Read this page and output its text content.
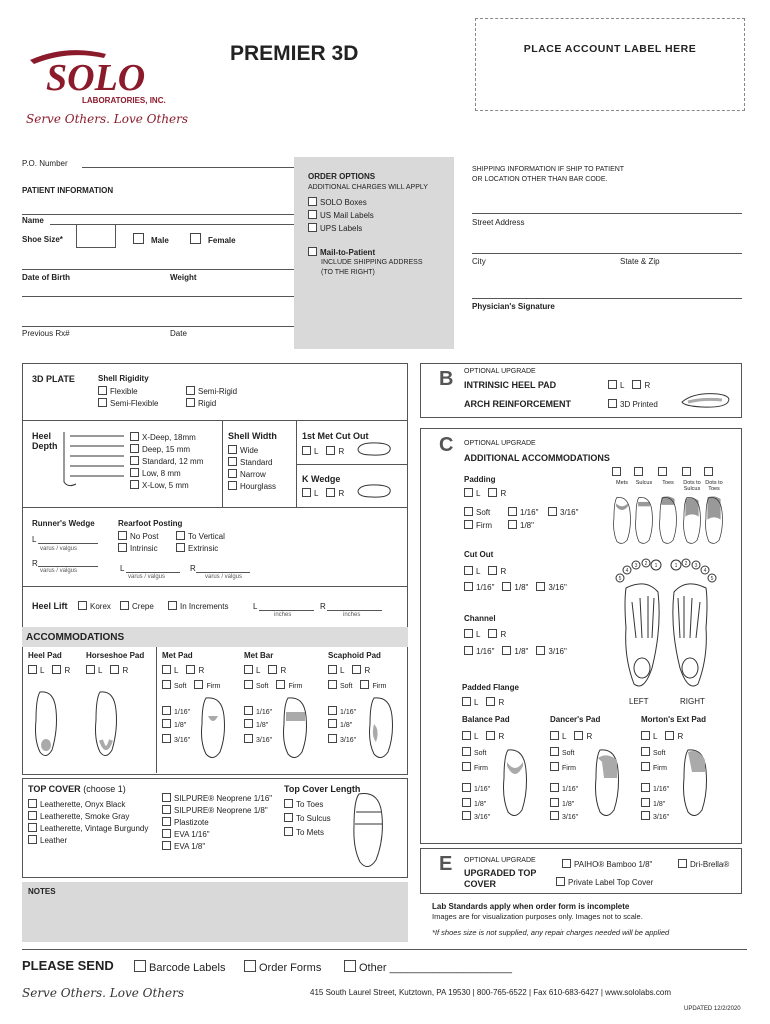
SOLO
LABORATORIES, INC.
Serve Others. Love Others
PREMIER 3D	PLACE ACCOUNT LABEL HERE
P.O. Number
PATIENT INFORMATION
Name
Shoe Size*	Male	Female
Date of Birth	Weight
Previous Rx#	Date
ORDER OPTIONS
ADDITIONAL CHARGES WILL APPLY
SOLO Boxes
US Mail Labels
UPS Labels
Mail-to-Patient
INCLUDE SHIPPING ADDRESS
(TO THE RIGHT)
SHIPPING INFORMATION IF SHIP TO PATIENT
OR LOCATION OTHER THAN BAR CODE.
Street Address
City	State & Zip
Physician's Signature
3D PLATE	Shell Rigidity
Flexible
Semi-Flexible
Semi-Rigid
Rigid
Heel
Depth
X-Deep, 18mm
Deep, 15 mm
Standard, 12 mm
Low, 8 mm
X-Low, 5 mm
Shell Width
Wide
Standard
Narrow
Hourglass
1st Met Cut Out
L	R
K Wedge
L	R
Runner's Wedge
L
varus / valgus
R
varus / valgus
Rearfoot Posting
No Post
Intrinsic
To Vertical
Extrinsic
L
varus / valgus
R
varus / valgus
Heel Lift	Korex	Crepe	In Increments	L
inches
R
inches
ACCOMMODATIONS
Heel Pad
L	R
Horseshoe Pad
L	R
Met Pad
L	R
Soft	Firm
1/16"
1/8"
3/16"
Met Bar
L	R
Soft	Firm
1/16"
1/8"
3/16"
Scaphoid Pad
L	R
Soft	Firm
1/16"
1/8"
3/16"
TOP COVER (choose 1)
Leatherette, Onyx Black
Leatherette, Smoke Gray
Leatherette, Vintage Burgundy
Leather
SILPURE® Neoprene 1/16"
SILPURE® Neoprene 1/8"
Plastizote
EVA 1/16"
EVA 1/8"
Top Cover Length
To Toes
To Sulcus
To Mets
NOTES
B OPTIONAL UPGRADE
INTRINSIC HEEL PAD	L	R
ARCH REINFORCEMENT	3D Printed
C OPTIONAL UPGRADE
ADDITIONAL ACCOMMODATIONS
Padding
L	R
Soft
Firm
1/16"
1/8"
3/16"
Mets	Sulcus	Toes	Dots to Sulcus
Dots to Toes
Cut Out
L	R
1/16"	1/8"	3/16"
Channel
L	R
1/16"	1/8"	3/16"
Padded Flange
L	R
5
4
3 2 1	1 2 3
4
5
LEFT	RIGHT
Balance Pad
L	R
Soft
Firm
1/16"
1/8"
3/16"
Dancer's Pad
L	R
Soft
Firm
1/16"
1/8"
3/16"
Morton's Ext Pad
L	R
Soft
Firm
1/16"
1/8"
3/16"
E OPTIONAL UPGRADE
UPGRADED TOP
COVER
PAIHO® Bamboo 1/8"	Dri-Brella®
Private Label Top Cover
Lab Standards apply when order form is incomplete
Images are for visualization purposes only. Images not to scale.
*If shoes size is not supplied, any repair charges needed will be applied
PLEASE SEND	Barcode Labels	Order Forms	Other ____________________
Serve Others. Love Others	415 South Laurel Street, Kutztown, PA 19530 | 800-765-6522 | Fax 610-683-6427 | www.sololabs.com
UPDATED 12/2/2020
